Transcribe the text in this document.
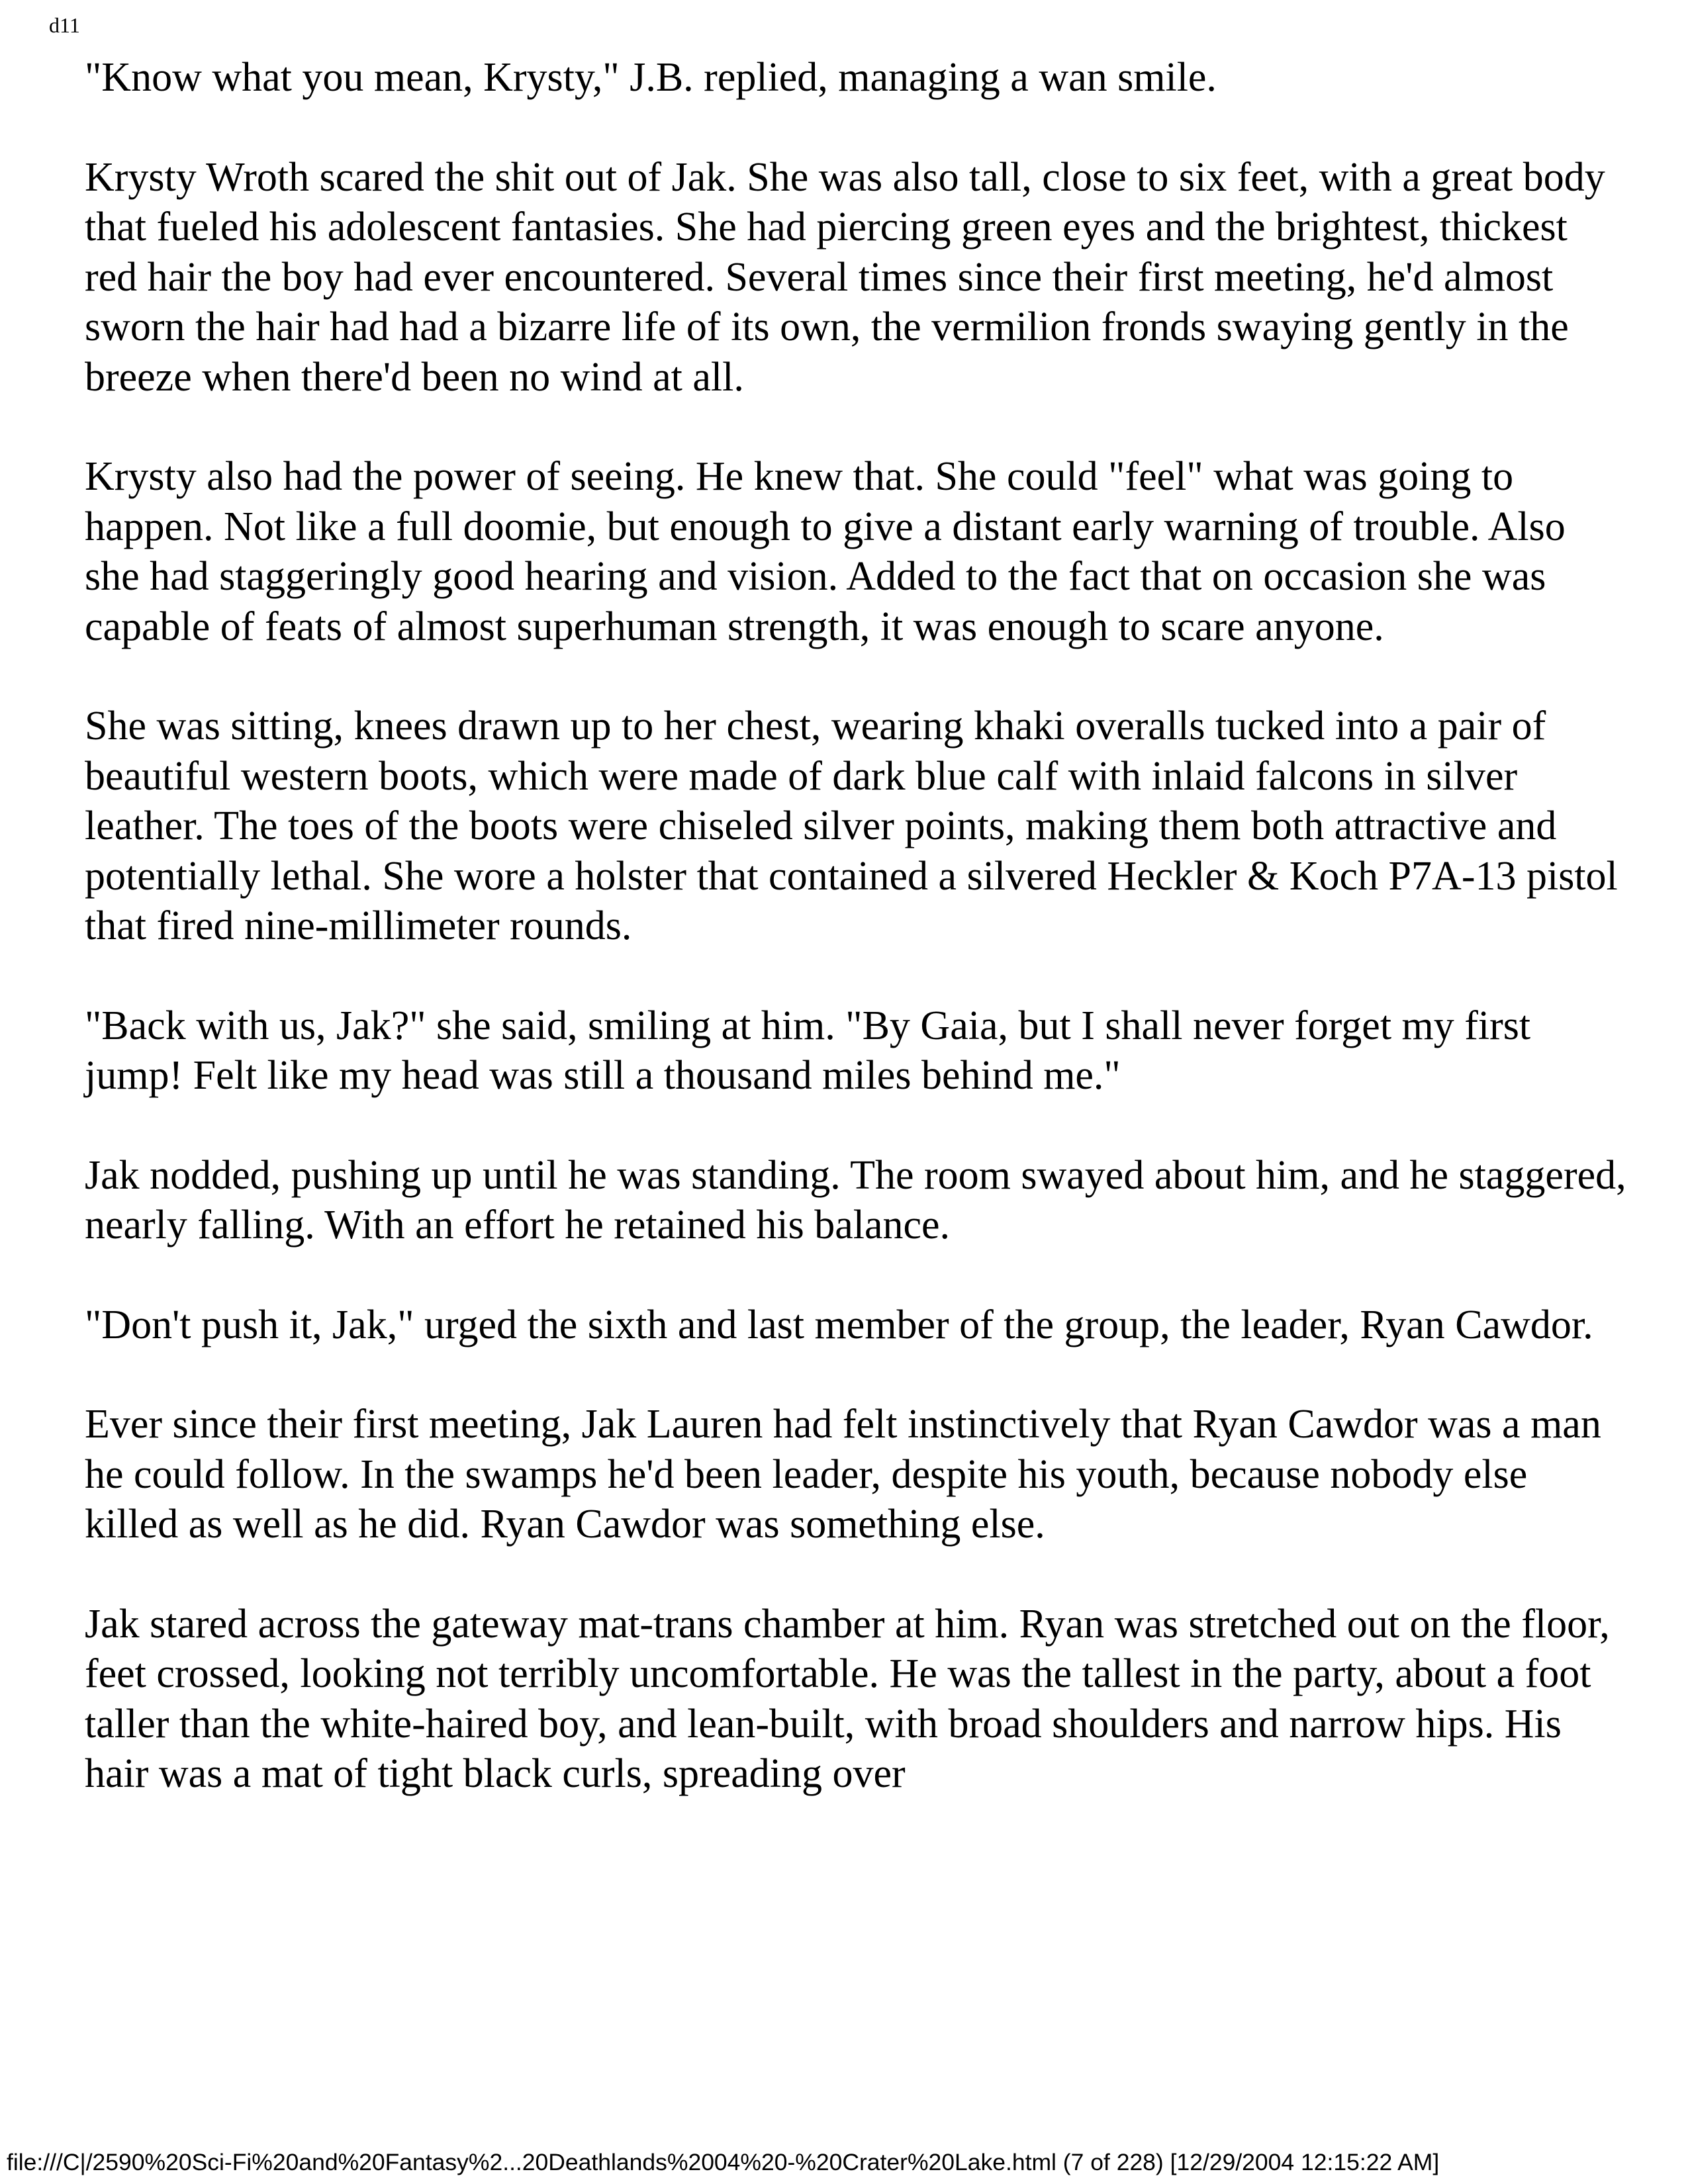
d11

"Know what you mean, Krysty," J.B. replied, managing a wan smile.

Krysty Wroth scared the shit out of Jak. She was also tall, close to six feet, with a great body that fueled his adolescent fantasies. She had piercing green eyes and the brightest, thickest red hair the boy had ever encountered. Several times since their first meeting, he'd almost sworn the hair had had a bizarre life of its own, the vermilion fronds swaying gently in the breeze when there'd been no wind at all.

Krysty also had the power of seeing. He knew that. She could "feel" what was going to happen. Not like a full doomie, but enough to give a distant early warning of trouble. Also she had staggeringly good hearing and vision. Added to the fact that on occasion she was capable of feats of almost superhuman strength, it was enough to scare anyone.

She was sitting, knees drawn up to her chest, wearing khaki overalls tucked into a pair of beautiful western boots, which were made of dark blue calf with inlaid falcons in silver leather. The toes of the boots were chiseled silver points, making them both attractive and potentially lethal. She wore a holster that contained a silvered Heckler & Koch P7A-13 pistol that fired nine-millimeter rounds.

"Back with us, Jak?" she said, smiling at him. "By Gaia, but I shall never forget my first jump! Felt like my head was still a thousand miles behind me."

Jak nodded, pushing up until he was standing. The room swayed about him, and he staggered, nearly falling. With an effort he retained his balance.

"Don't push it, Jak," urged the sixth and last member of the group, the leader, Ryan Cawdor.

Ever since their first meeting, Jak Lauren had felt instinctively that Ryan Cawdor was a man he could follow. In the swamps he'd been leader, despite his youth, because nobody else killed as well as he did. Ryan Cawdor was something else.

Jak stared across the gateway mat-trans chamber at him. Ryan was stretched out on the floor, feet crossed, looking not terribly uncomfortable. He was the tallest in the party, about a foot taller than the white-haired boy, and lean-built, with broad shoulders and narrow hips. His hair was a mat of tight black curls, spreading over

file:///C|/2590%20Sci-Fi%20and%20Fantasy%2...20Deathlands%2004%20-%20Crater%20Lake.html (7 of 228) [12/29/2004 12:15:22 AM]
